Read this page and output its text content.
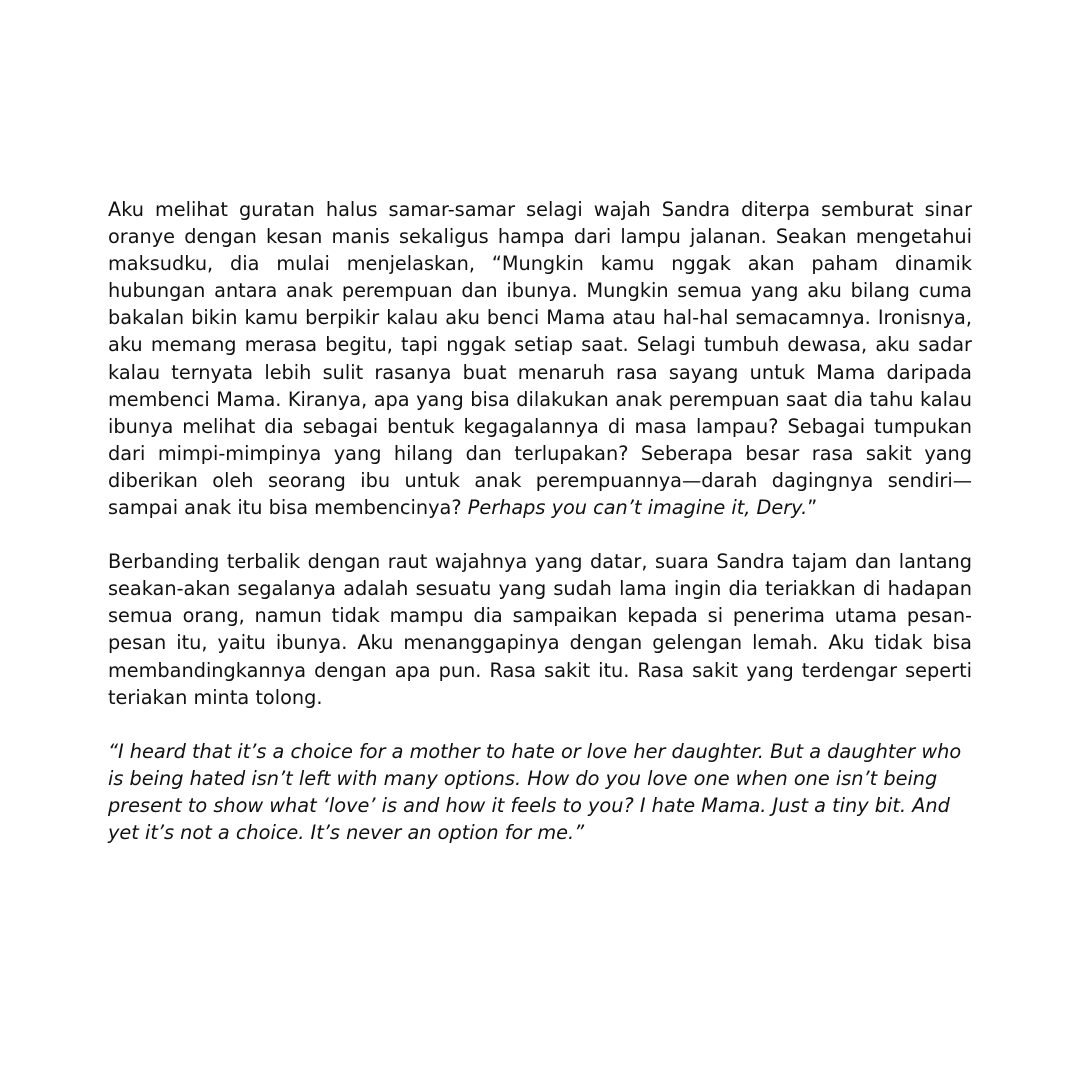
Aku melihat guratan halus samar-samar selagi wajah Sandra diterpa semburat sinar oranye dengan kesan manis sekaligus hampa dari lampu jalanan. Seakan mengetahui maksudku, dia mulai menjelaskan, “Mungkin kamu nggak akan paham dinamik hubungan antara anak perempuan dan ibunya. Mungkin semua yang aku bilang cuma bakalan bikin kamu berpikir kalau aku benci Mama atau hal-hal semacamnya. Ironisnya, aku memang merasa begitu, tapi nggak setiap saat. Selagi tumbuh dewasa, aku sadar kalau ternyata lebih sulit rasanya buat menaruh rasa sayang untuk Mama daripada membenci Mama. Kiranya, apa yang bisa dilakukan anak perempuan saat dia tahu kalau ibunya melihat dia sebagai bentuk kegagalannya di masa lampau? Sebagai tumpukan dari mimpi-mimpinya yang hilang dan terlupakan? Seberapa besar rasa sakit yang diberikan oleh seorang ibu untuk anak perempuannya—darah dagingnya sendiri—sampai anak itu bisa membencinya? Perhaps you can’t imagine it, Dery.”

Berbanding terbalik dengan raut wajahnya yang datar, suara Sandra tajam dan lantang seakan-akan segalanya adalah sesuatu yang sudah lama ingin dia teriakkan di hadapan semua orang, namun tidak mampu dia sampaikan kepada si penerima utama pesan-pesan itu, yaitu ibunya. Aku menanggapinya dengan gelengan lemah. Aku tidak bisa membandingkannya dengan apa pun. Rasa sakit itu. Rasa sakit yang terdengar seperti teriakan minta tolong.

“I heard that it’s a choice for a mother to hate or love her daughter. But a daughter who is being hated isn’t left with many options. How do you love one when one isn’t being present to show what ‘love’ is and how it feels to you? I hate Mama. Just a tiny bit. And yet it’s not a choice. It’s never an option for me.”
